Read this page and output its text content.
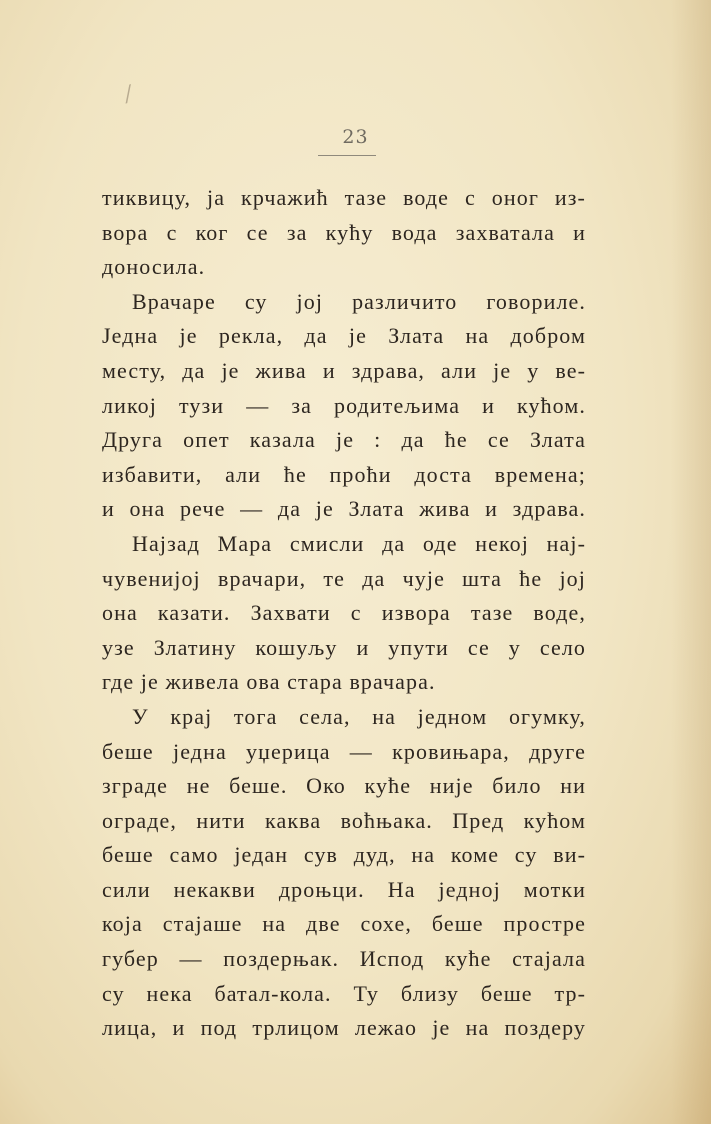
⁄
23
тиквицу, ја крчажић тазе воде с оног из-
вора с ког се за кућу вода захватала и
доносила.
Врачаре су јој различито говориле.
Једна је рекла, да је Злата на добром
месту, да је жива и здрава, али је у ве-
ликој тузи — за родитељима и кућом.
Друга опет казала је : да ће се Злата
избавити, али ће проћи доста времена;
и она рече — да је Злата жива и здрава.
Најзад Мара смисли да оде некој нај-
чувенијој врачари, те да чује шта ће јој
она казати. Захвати с извора тазе воде,
узе Златину кошуљу и упути се у село
где је живела ова стара врачара.
У крај тога села, на једном огумку,
беше једна уџерица — кровињара, друге
зграде не беше. Око куће није било ни
ограде, нити каква воћњака. Пред кућом
беше само један сув дуд, на коме су ви-
сили некакви дроњци. На једној мотки
која стајаше на две сохе, беше простре
губер — поздерњак. Испод куће стајала
су нека батал-кола. Ту близу беше тр-
лица, и под трлицом лежао је на поздеру
